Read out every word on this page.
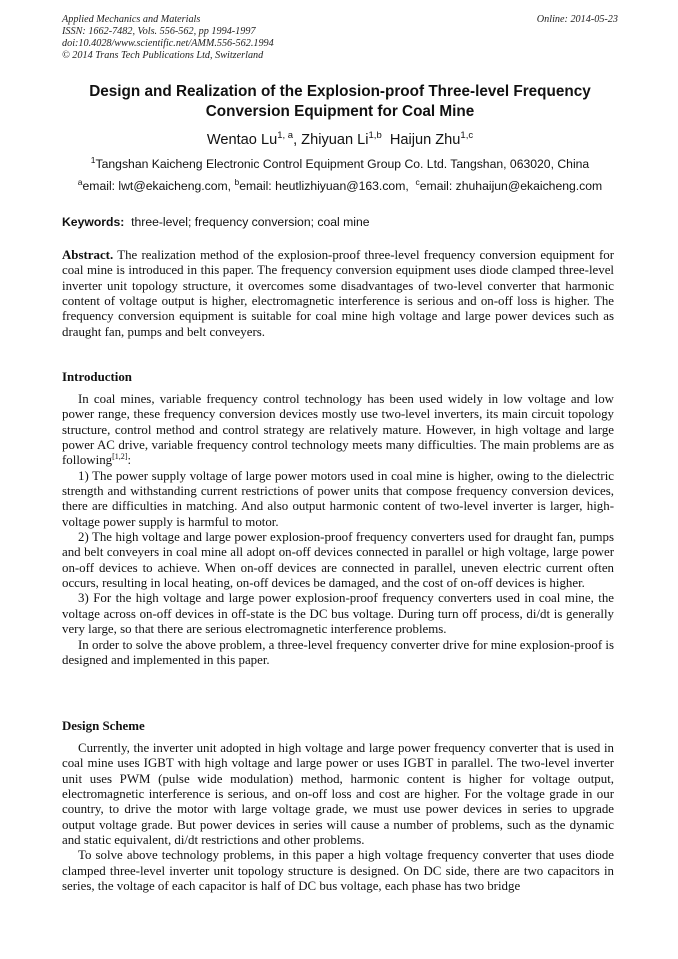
Applied Mechanics and Materials
ISSN: 1662-7482, Vols. 556-562, pp 1994-1997
doi:10.4028/www.scientific.net/AMM.556-562.1994
© 2014 Trans Tech Publications Ltd, Switzerland
Online: 2014-05-23
Design and Realization of the Explosion-proof Three-level Frequency
Conversion Equipment for Coal Mine
Wentao Lu$^{1, a}$, Zhiyuan Li$^{1,b}$ Haijun Zhu$^{1,c}$
$^1$Tangshan Kaicheng Electronic Control Equipment Group Co. Ltd. Tangshan, 063020, China
$^a$email: lwt@ekaicheng.com, $^b$email: heutlizhiyuan@163.com,  $^c$email: zhuhaijun@ekaicheng.com
Keywords: three-level; frequency conversion; coal mine

Abstract. The realization method of the explosion-proof three-level frequency conversion equipment for coal mine is introduced in this paper. The frequency conversion equipment uses diode clamped three-level inverter unit topology structure, it overcomes some disadvantages of two-level converter that harmonic content of voltage output is higher, electromagnetic interference is serious and on-off loss is higher. The frequency conversion equipment is suitable for coal mine high voltage and large power devices such as draught fan, pumps and belt conveyers.

Introduction

In coal mines, variable frequency control technology has been used widely in low voltage and low power range, these frequency conversion devices mostly use two-level inverters, its main circuit topology structure, control method and control strategy are relatively mature. However, in high voltage and large power AC drive, variable frequency control technology meets many difficulties. The main problems are as following[1,2]:

1) The power supply voltage of large power motors used in coal mine is higher, owing to the dielectric strength and withstanding current restrictions of power units that compose frequency conversion devices, there are difficulties in matching. And also output harmonic content of two-level inverter is larger, high-voltage power supply is harmful to motor.

2) The high voltage and large power explosion-proof frequency converters used for draught fan, pumps and belt conveyers in coal mine all adopt on-off devices connected in parallel or high voltage, large power on-off devices to achieve. When on-off devices are connected in parallel, uneven electric current often occurs, resulting in local heating, on-off devices be damaged, and the cost of on-off devices is higher.

3) For the high voltage and large power explosion-proof frequency converters used in coal mine, the voltage across on-off devices in off-state is the DC bus voltage. During turn off process, di/dt is generally very large, so that there are serious electromagnetic interference problems.

In order to solve the above problem, a three-level frequency converter drive for mine explosion-proof is designed and implemented in this paper.

Design Scheme

Currently, the inverter unit adopted in high voltage and large power frequency converter that is used in coal mine uses IGBT with high voltage and large power or uses IGBT in parallel. The two-level inverter unit uses PWM (pulse wide modulation) method, harmonic content is higher for voltage output, electromagnetic interference is serious, and on-off loss and cost are higher. For the voltage grade in our country, to drive the motor with large voltage grade, we must use power devices in series to upgrade output voltage grade. But power devices in series will cause a number of problems, such as the dynamic and static equivalent, di/dt restrictions and other problems.

To solve above technology problems, in this paper a high voltage frequency converter that uses diode clamped three-level inverter unit topology structure is designed. On DC side, there are two capacitors in series, the voltage of each capacitor is half of DC bus voltage, each phase has two bridge
